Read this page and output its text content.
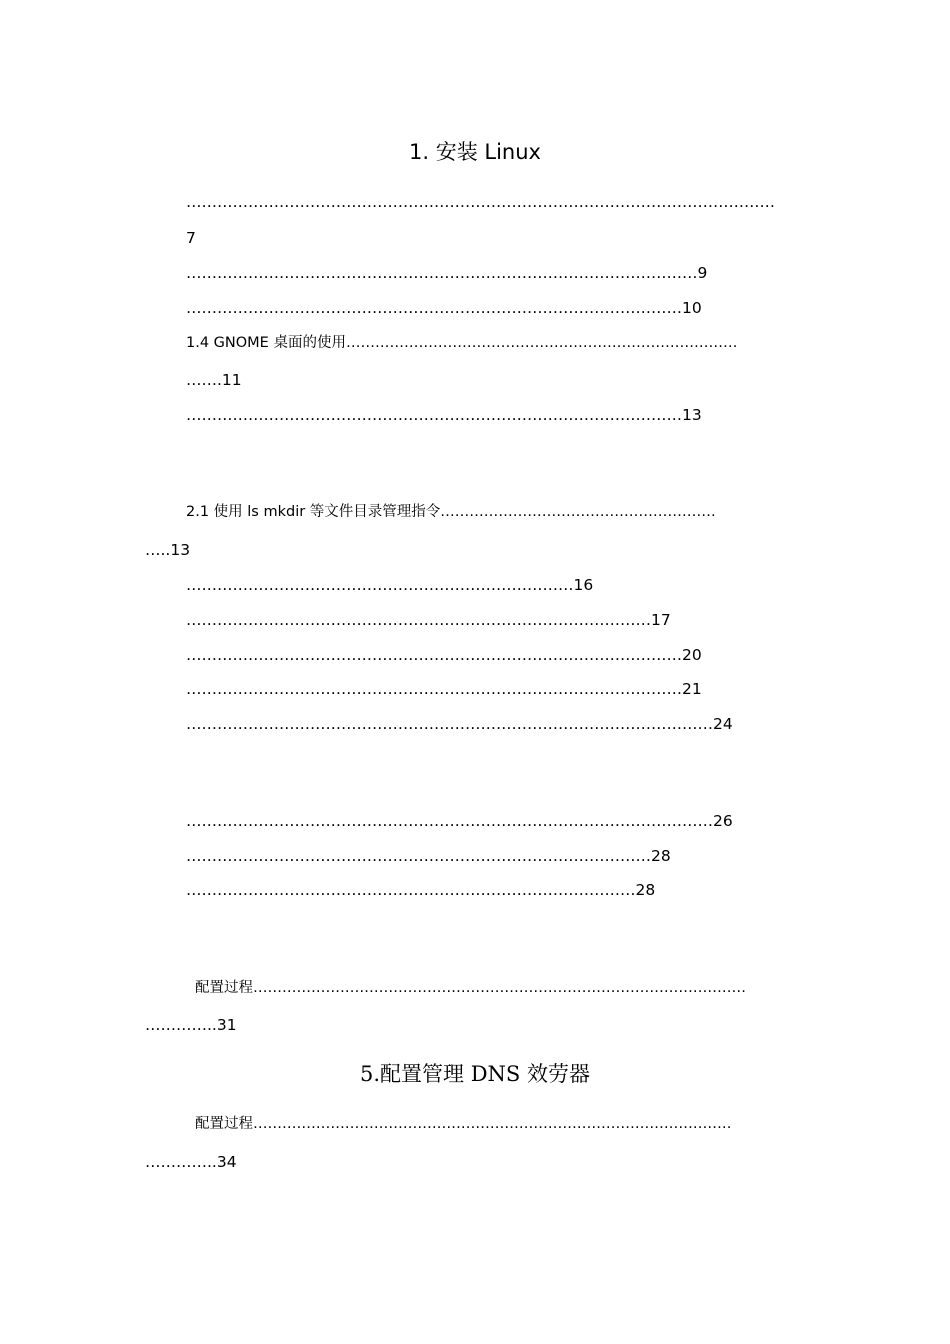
1. 安装 Linux
……………………………………………………………………………………………………
7
………………………………………………………………………………………9
……………………………………………………………………………………10
1.4 GNOME 桌面的使用………………………………………………………………………
…….11
……………………………………………………………………………………13
2.1 使用 ls mkdir 等文件目录管理指令…………………………………………………
…..13
…………………………………………………………………16
………………………………………………………………………………17
……………………………………………………………………………………20
……………………………………………………………………………………21
…………………………………………………………………………………………24
…………………………………………………………………………………………26
………………………………………………………………………………28
……………………………………………………………………………28
配置过程…………………………………………………………………………………………
…………..31
5.配置管理 DNS 效劳器
配置过程………………………………………………………………………………………
…………..34
